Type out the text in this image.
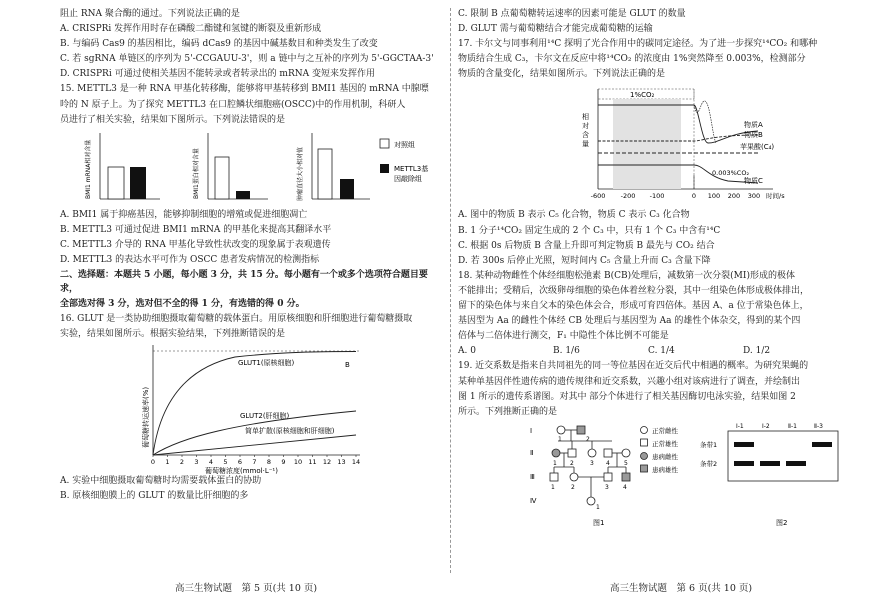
阻止 RNA 聚合酶的通过。下列说法正确的是

A. CRISPRi 发挥作用时存在磷酸二酯键和氢键的断裂及重新形成

B. 与编码 Cas9 的基因相比，编码 dCas9 的基因中碱基数目和种类发生了改变

C. 若 sgRNA 单链区的序列为 5'-CCGAUU-3'，则 a 链中与之互补的序列为 5'-GGCTAA-3'

D. CRISPRi 可通过使相关基因不能转录或者转录出的 mRNA 变短来发挥作用

15. METTL3 是一种 RNA 甲基化转移酶，能够将甲基转移到 BMI1 基因的 mRNA 中腺嘌

呤的 N 原子上。为了探究 METTL3 在口腔鳞状细胞癌(OSCC)中的作用机制，科研人

员进行了相关实验，结果如下图所示。下列说法错误的是

BMI1 mRNA相对含量	BMI1蛋白相对含量	肿瘤直径大小相对值
对照组
METTL3基
因敲除组

A. BMI1 属于抑癌基因，能够抑制细胞的增殖或促进细胞凋亡

B. METTL3 可通过促进 BMI1 mRNA 的甲基化来提高其翻译水平

C. METTL3 介导的 RNA 甲基化导致性状改变的现象属于表观遗传

D. METTL3 的表达水平可作为 OSCC 患者发病情况的检测指标

二、选择题：本题共 5 小题，每小题 3 分，共 15 分。每小题有一个或多个选项符合题目要求，

全部选对得 3 分，选对但不全的得 1 分，有选错的得 0 分。

16. GLUT 是一类协助细胞摄取葡萄糖的载体蛋白。用原核细胞和肝细胞进行葡萄糖摄取

实验，结果如图所示。根据实验结果，下列推断错误的是

葡萄糖转运速率(%)
GLUT1(原核细胞)	B
GLUT2(肝细胞)
简单扩散(原核细胞和肝细胞)
0 1 2 3 4 5 6 7 8 9 10 11 12 13 14
葡萄糖浓度(mmol·L⁻¹)

A. 实验中细胞摄取葡萄糖时均需要载体蛋白的协助

B. 原核细胞膜上的 GLUT 的数量比肝细胞的多

C. 限制 B 点葡萄糖转运速率的因素可能是 GLUT 的数量

D. GLUT 需与葡萄糖结合才能完成葡萄糖的运输

17. 卡尔文与同事利用¹⁴C 探明了光合作用中的碳同定途径。为了进一步探究¹⁴CO₂ 和哪种

物质结合生成 C₃，卡尔文在反应中将¹⁴CO₂ 的浓度由 1%突然降至 0.003%，检测部分

物质的含量变化，结果如图所示。下列说法正确的是

相
对
含
量
1%CO₂
物质A
物质B
苹果酸(C₄)
物质C
0.003%CO₂
-600 -200 -100	0 100 200 300 时间/s

A. 图中的物质 B 表示 C₅ 化合物，物质 C 表示 C₃ 化合物

B. 1 分子¹⁴CO₂ 固定生成的 2 个 C₃ 中，只有 1 个 C₃ 中含有¹⁴C

C. 根据 0s 后物质 B 含量上升即可判定物质 B 最先与 CO₂ 结合

D. 若 300s 后停止光照，短时间内 C₅ 含量上升而 C₃ 含量下降

18. 某种动物雌性个体经细胞松弛素 B(CB)处理后，减数第一次分裂(MⅠ)形成的极体

不能排出；受精后，次级卵母细胞的染色体着丝粒分裂，其中一组染色体形成极体排出，

留下的染色体与来自父本的染色体会合，形成可育四倍体。基因 A、a 位于常染色体上，

基因型为 Aa 的雌性个体经 CB 处理后与基因型为 Aa 的雄性个体杂交，得到的某个四

倍体与二倍体进行测交，F₁ 中隐性个体比例不可能是

A. 0	B. 1/6	C. 1/4	D. 1/2

19. 近交系数是指来自共同祖先的同一等位基因在近交后代中相遇的概率。为研究果蝇的

某种单基因伴性遗传病的遗传规律和近交系数，兴趣小组对该病进行了调查，并绘制出

图 1 所示的遗传系谱图。对其中 部分个体进行了相关基因酶切电泳实验，结果如图 2

所示。下列推断正确的是

Ⅰ
Ⅱ
Ⅲ
Ⅳ
1	2
1 2	3 4 5
1	2	3 4
1
正常雌性
正常雄性
患病雌性
患病雄性
图1
Ⅰ-1	Ⅰ-2	Ⅱ-1	Ⅱ-3
条带1
条带2
图2
高三生物试题　第 5 页(共 10 页)	高三生物试题　第 6 页(共 10 页)
